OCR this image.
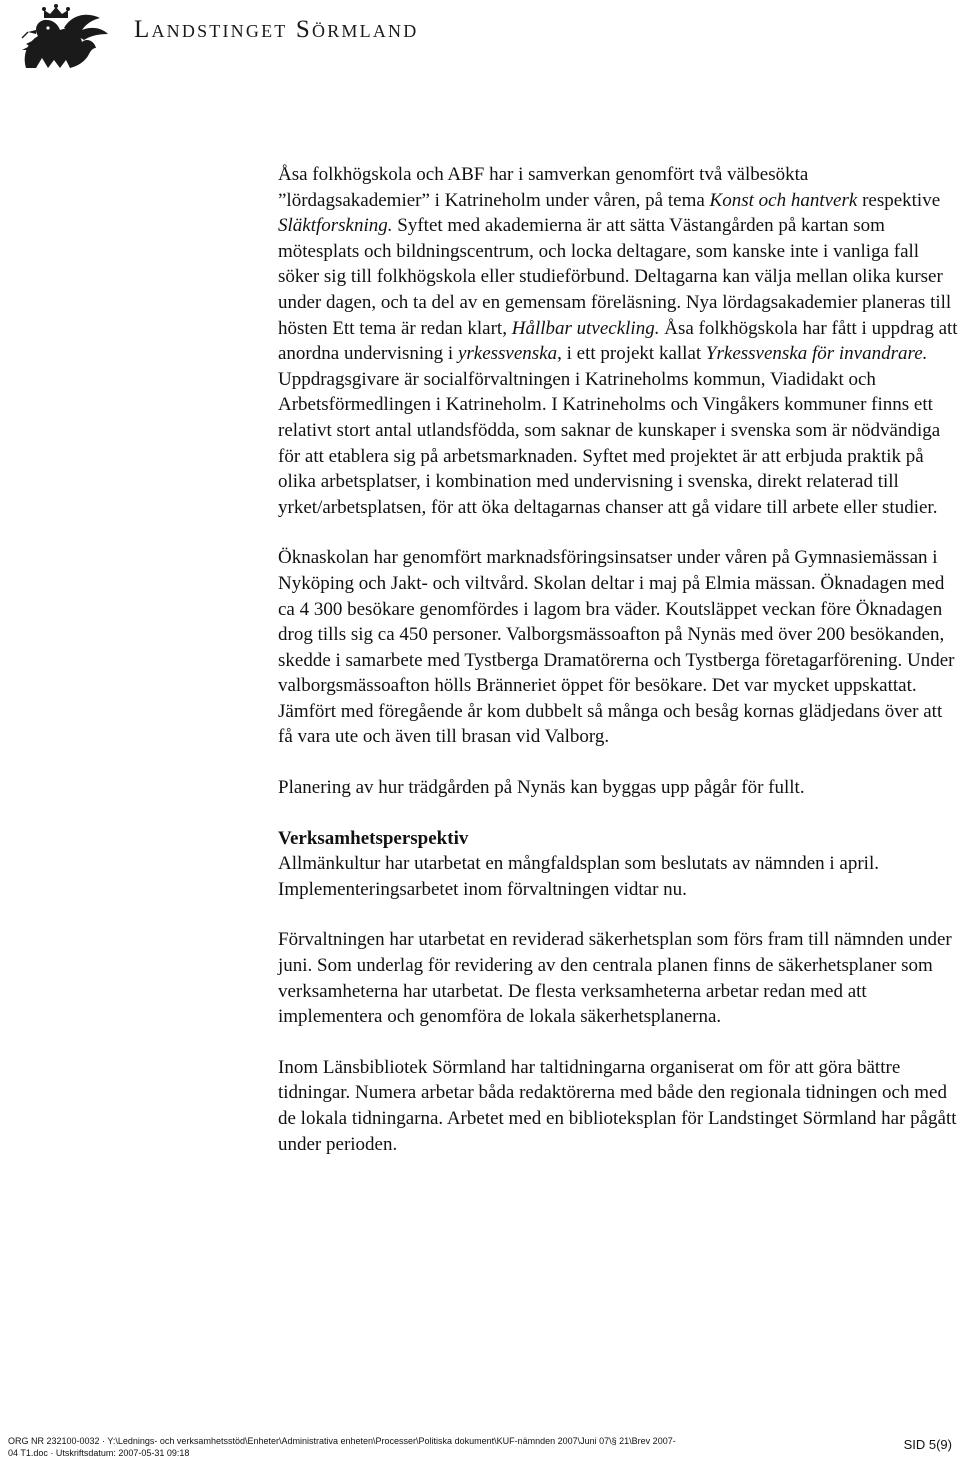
Landstinget Sörmland

Åsa folkhögskola och ABF har i samverkan genomfört två välbesökta ”lördagsakademier” i Katrineholm under våren, på tema Konst och hantverk respektive Släktforskning. Syftet med akademierna är att sätta Västangården på kartan som mötesplats och bildningscentrum, och locka deltagare, som kanske inte i vanliga fall söker sig till folkhögskola eller studieförbund. Deltagarna kan välja mellan olika kurser under dagen, och ta del av en gemensam föreläsning. Nya lördagsakademier planeras till hösten Ett tema är redan klart, Hållbar utveckling. Åsa folkhögskola har fått i uppdrag att anordna undervisning i yrkessvenska, i ett projekt kallat Yrkessvenska för invandrare. Uppdragsgivare är socialförvaltningen i Katrineholms kommun, Viadidakt och Arbetsförmedlingen i Katrineholm. I Katrineholms och Vingåkers kommuner finns ett relativt stort antal utlandsfödda, som saknar de kunskaper i svenska som är nödvändiga för att etablera sig på arbetsmarknaden. Syftet med projektet är att erbjuda praktik på olika arbetsplatser, i kombination med undervisning i svenska, direkt relaterad till yrket/arbetsplatsen, för att öka deltagarnas chanser att gå vidare till arbete eller studier.

Öknaskolan har genomfört marknadsföringsinsatser under våren på Gymnasiemässan i Nyköping och Jakt- och viltvård. Skolan deltar i maj på Elmia mässan. Öknadagen med ca 4 300 besökare genomfördes i lagom bra väder. Koutsläppet veckan före Öknadagen drog tills sig ca 450 personer. Valborgsmässoafton på Nynäs med över 200 besökanden, skedde i samarbete med Tystberga Dramatörerna och Tystberga företagarförening. Under valborgsmässoafton hölls Bränneriet öppet för besökare. Det var mycket uppskattat. Jämfört med föregående år kom dubbelt så många och besåg kornas glädjedans över att få vara ute och även till brasan vid Valborg.

Planering av hur trädgården på Nynäs kan byggas upp pågår för fullt.

Verksamhetsperspektiv

Allmänkultur har utarbetat en mångfaldsplan som beslutats av nämnden i april. Implementeringsarbetet inom förvaltningen vidtar nu.

Förvaltningen har utarbetat en reviderad säkerhetsplan som förs fram till nämnden under juni. Som underlag för revidering av den centrala planen finns de säkerhetsplaner som verksamheterna har utarbetat. De flesta verksamheterna arbetar redan med att implementera och genomföra de lokala säkerhetsplanerna.

Inom Länsbibliotek Sörmland har taltidningarna organiserat om för att göra bättre tidningar. Numera arbetar båda redaktörerna med både den regionala tidningen och med de lokala tidningarna. Arbetet med en biblioteksplan för Landstinget Sörmland har pågått under perioden.

ORG NR 232100-0032 · Y:\Lednings- och verksamhetsstöd\Enheter\Administrativa enheten\Processer\Politiska dokument\KUF-nämnden 2007\Juni 07\§ 21\Brev 2007-
04 T1.doc · Utskriftsdatum: 2007-05-31 09:18
SID 5(9)
